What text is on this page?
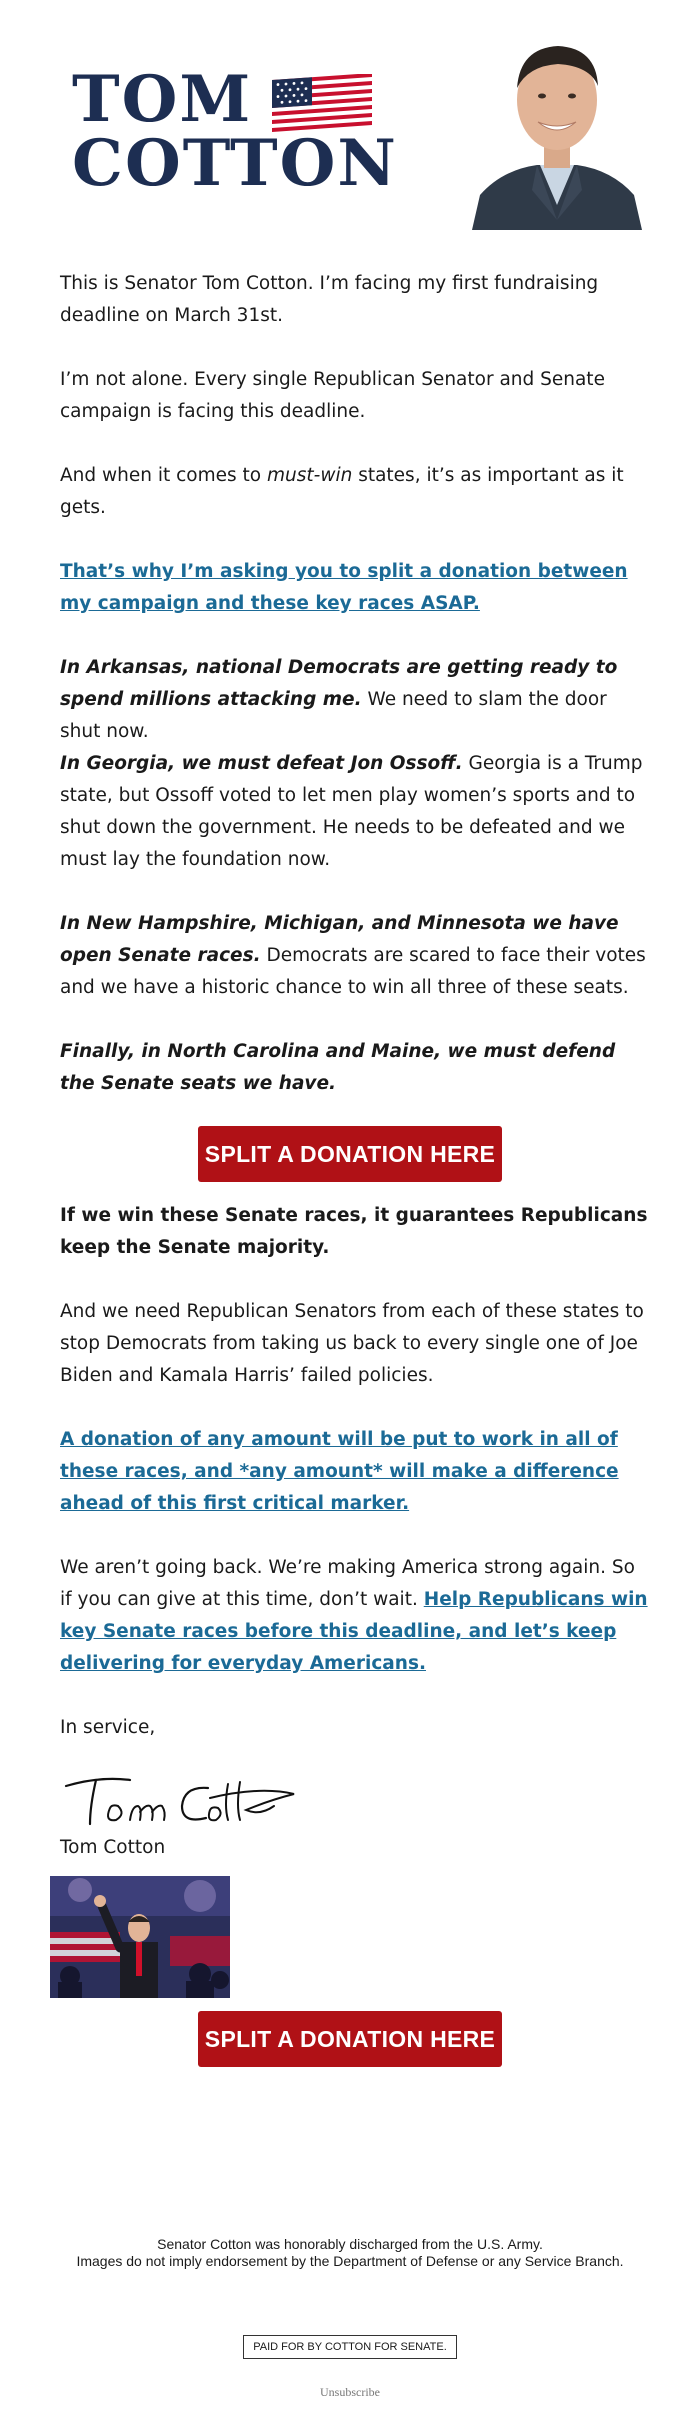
TOM
COTTON

This is Senator Tom Cotton. I’m facing my first fundraising deadline on March 31st.

I’m not alone. Every single Republican Senator and Senate campaign is facing this deadline.

And when it comes to must-win states, it’s as important as it gets.

That’s why I’m asking you to split a donation between my campaign and these key races ASAP.

In Arkansas, national Democrats are getting ready to spend millions attacking me. We need to slam the door shut now.

In Georgia, we must defeat Jon Ossoff. Georgia is a Trump state, but Ossoff voted to let men play women’s sports and to shut down the government. He needs to be defeated and we must lay the foundation now.

In New Hampshire, Michigan, and Minnesota we have open Senate races. Democrats are scared to face their votes and we have a historic chance to win all three of these seats.

Finally, in North Carolina and Maine, we must defend the Senate seats we have.

SPLIT A DONATION HERE

If we win these Senate races, it guarantees Republicans keep the Senate majority.

And we need Republican Senators from each of these states to stop Democrats from taking us back to every single one of Joe Biden and Kamala Harris’ failed policies.

A donation of any amount will be put to work in all of these races, and *any amount* will make a difference ahead of this first critical marker.

We aren’t going back. We’re making America strong again. So if you can give at this time, don’t wait. Help Republicans win key Senate races before this deadline, and let’s keep delivering for everyday Americans.

In service,

Tom Cotton

SPLIT A DONATION HERE
Senator Cotton was honorably discharged from the U.S. Army.
Images do not imply endorsement by the Department of Defense or any Service Branch.
PAID FOR BY COTTON FOR SENATE.
Unsubscribe
